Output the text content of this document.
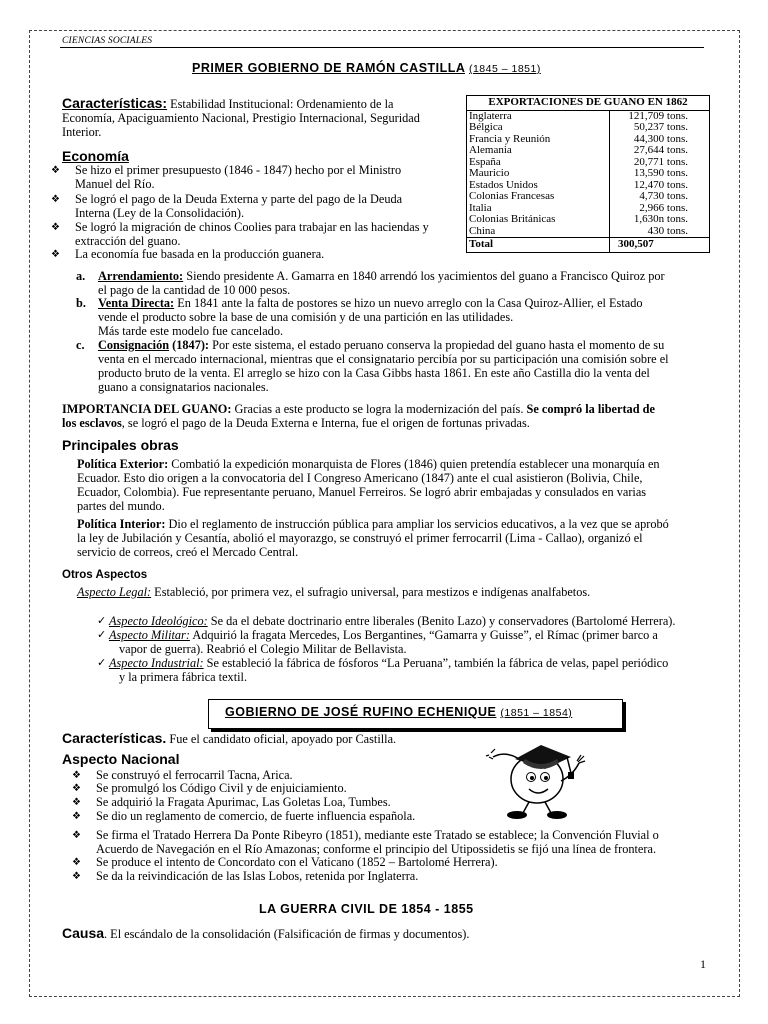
CIENCIAS SOCIALES
PRIMER GOBIERNO DE RAMÓN CASTILLA (1845 – 1851)
Características: Estabilidad Institucional: Ordenamiento de la
Economía, Apaciguamiento Nacional, Prestigio Internacional, Seguridad
Interior.
EXPORTACIONES DE GUANO EN 1862	
Inglaterra	121,709 tons.
Bélgica	50,237 tons.
Francia y Reunión	44,300 tons.
Alemania	27,644 tons.
España	20,771 tons.
Mauricio	13,590 tons.
Estados Unidos	12,470 tons.
Colonias Francesas	4,730 tons.
Italia	2,966 tons.
Colonias Británicas	1,630n tons.
China	430 tons.
Total	300,507
Economía
❖ Se hizo el primer presupuesto (1846 - 1847) hecho por el Ministro
Manuel del Río.
❖ Se logró el pago de la Deuda Externa y parte del pago de la Deuda
Interna (Ley de la Consolidación).
❖ Se logró la migración de chinos Coolies para trabajar en las haciendas y
extracción del guano.
❖ La economía fue basada en la producción guanera.
a. Arrendamiento: Siendo presidente A. Gamarra en 1840 arrendó los yacimientos del guano a Francisco Quiroz por
el pago de la cantidad de 10 000 pesos.
b. Venta Directa: En 1841 ante la falta de postores se hizo un nuevo arreglo con la Casa Quiroz-Allier, el Estado
vende el producto sobre la base de una comisión y de una partición en las utilidades.
Más tarde este modelo fue cancelado.
c. Consignación (1847): Por este sistema, el estado peruano conserva la propiedad del guano hasta el momento de su
venta en el mercado internacional, mientras que el consignatario percibía por su participación una comisión sobre el
producto bruto de la venta. El arreglo se hizo con la Casa Gibbs hasta 1861. En este año Castilla dio la venta del
guano a consignatarios nacionales.
IMPORTANCIA DEL GUANO: Gracias a este producto se logra la modernización del país. Se compró la libertad de
los esclavos, se logró el pago de la Deuda Externa e Interna, fue el origen de fortunas privadas.
Principales obras
Política Exterior: Combatió la expedición monarquista de Flores (1846) quien pretendía establecer una monarquía en
Ecuador. Esto dio origen a la convocatoria del I Congreso Americano (1847) ante el cual asistieron (Bolivia, Chile,
Ecuador, Colombia). Fue representante peruano, Manuel Ferreiros. Se logró abrir embajadas y consulados en varias
partes del mundo.
Política Interior: Dio el reglamento de instrucción pública para ampliar los servicios educativos, a la vez que se aprobó
la ley de Jubilación y Cesantía, abolió el mayorazgo, se construyó el primer ferrocarril (Lima - Callao), organizó el
servicio de correos, creó el Mercado Central.
Otros Aspectos
Aspecto Legal: Estableció, por primera vez, el sufragio universal, para mestizos e indígenas analfabetos.
✓ Aspecto Ideológico: Se da el debate doctrinario entre liberales (Benito Lazo) y conservadores (Bartolomé Herrera).
✓ Aspecto Militar: Adquirió la fragata Mercedes, Los Bergantines, “Gamarra y Guisse”, el Rímac (primer barco a
vapor de guerra). Reabrió el Colegio Militar de Bellavista.
✓ Aspecto Industrial: Se estableció la fábrica de fósforos “La Peruana”, también la fábrica de velas, papel periódico
y la primera fábrica textil.
GOBIERNO DE JOSÉ RUFINO ECHENIQUE (1851 – 1854)
Características. Fue el candidato oficial, apoyado por Castilla.
Aspecto Nacional
❖ Se construyó el ferrocarril Tacna, Arica.
❖ Se promulgó los Código Civil y de enjuiciamiento.
❖ Se adquirió la Fragata Apurimac, Las Goletas Loa, Tumbes.
❖ Se dio un reglamento de comercio, de fuerte influencia española.
❖ Se firma el Tratado Herrera Da Ponte Ribeyro (1851), mediante este Tratado se establece; la Convención Fluvial o
Acuerdo de Navegación en el Río Amazonas; conforme el principio del Utipossidetis se fijó una línea de frontera.
❖ Se produce el intento de Concordato con el Vaticano (1852 – Bartolomé Herrera).
❖ Se da la reivindicación de las Islas Lobos, retenida por Inglaterra.
LA GUERRA CIVIL DE 1854 - 1855
Causa. El escándalo de la consolidación (Falsificación de firmas y documentos).
1
